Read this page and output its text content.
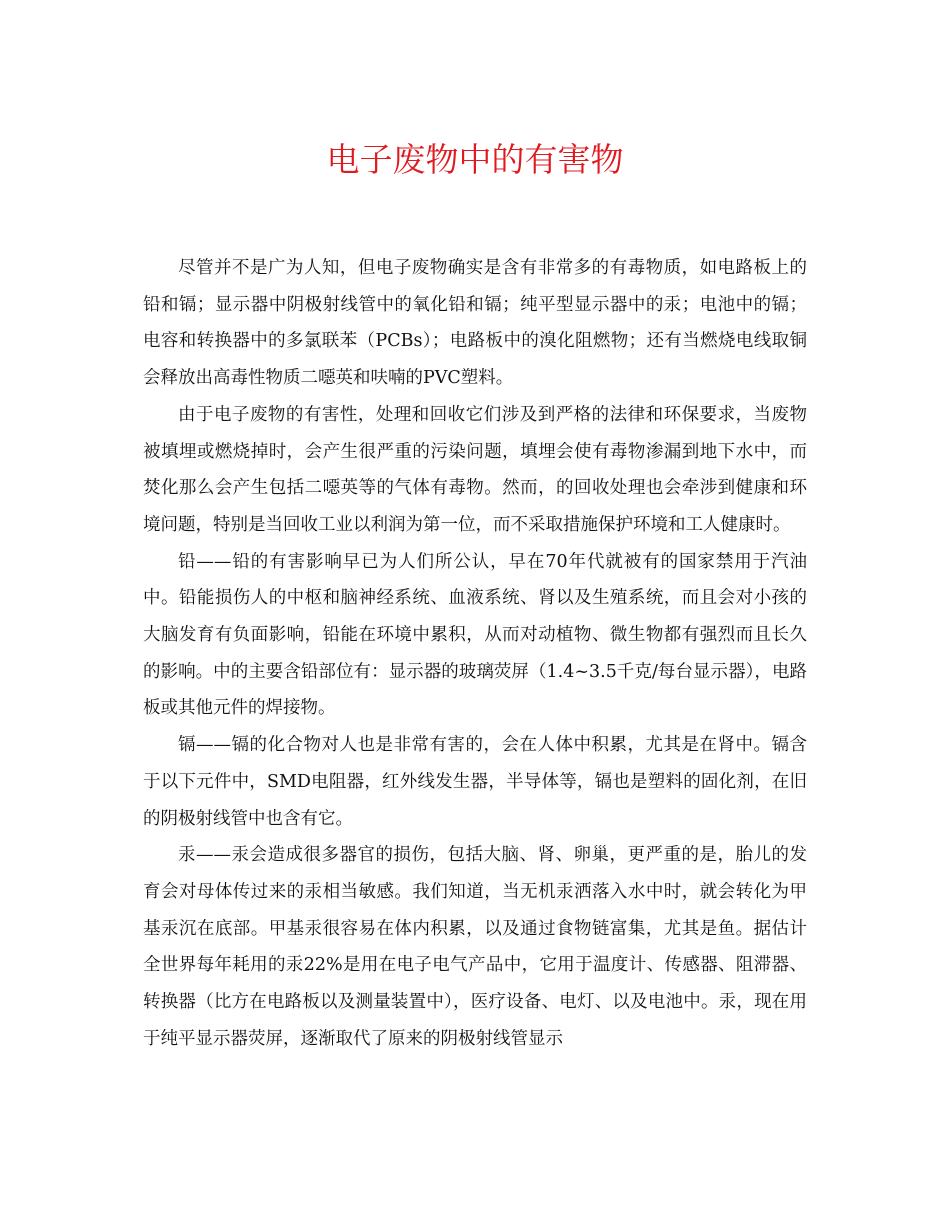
电子废物中的有害物

尽管并不是广为人知，但电子废物确实是含有非常多的有毒物质，如电路板上的铅和镉；显示器中阴极射线管中的氧化铅和镉；纯平型显示器中的汞；电池中的镉；电容和转换器中的多氯联苯（PCBs）；电路板中的溴化阻燃物；还有当燃烧电线取铜会释放出高毒性物质二噁英和呋喃的PVC塑料。

由于电子废物的有害性，处理和回收它们涉及到严格的法律和环保要求，当废物被填埋或燃烧掉时，会产生很严重的污染问题，填埋会使有毒物渗漏到地下水中，而焚化那么会产生包括二噁英等的气体有毒物。然而，的回收处理也会牵涉到健康和环境问题，特别是当回收工业以利润为第一位，而不采取措施保护环境和工人健康时。

铅——铅的有害影响早已为人们所公认，早在70年代就被有的国家禁用于汽油中。铅能损伤人的中枢和脑神经系统、血液系统、肾以及生殖系统，而且会对小孩的大脑发育有负面影响，铅能在环境中累积，从而对动植物、微生物都有强烈而且长久的影响。中的主要含铅部位有：显示器的玻璃荧屏（1.4~3.5千克/每台显示器），电路板或其他元件的焊接物。

镉——镉的化合物对人也是非常有害的，会在人体中积累，尤其是在肾中。镉含于以下元件中，SMD电阻器，红外线发生器，半导体等，镉也是塑料的固化剂，在旧的阴极射线管中也含有它。

汞——汞会造成很多器官的损伤，包括大脑、肾、卵巢，更严重的是，胎儿的发育会对母体传过来的汞相当敏感。我们知道，当无机汞洒落入水中时，就会转化为甲基汞沉在底部。甲基汞很容易在体内积累，以及通过食物链富集，尤其是鱼。据估计全世界每年耗用的汞22%是用在电子电气产品中，它用于温度计、传感器、阻滞器、转换器（比方在电路板以及测量装置中），医疗设备、电灯、以及电池中。汞，现在用于纯平显示器荧屏，逐渐取代了原来的阴极射线管显示
